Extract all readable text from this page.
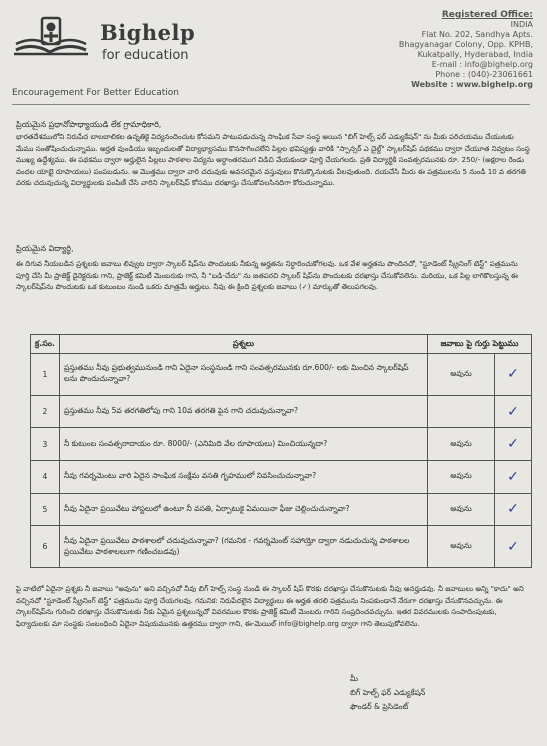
Bighelp
for education
Encouragement For Better Education
Registered Office:
INDIA
Flat No. 202, Sandhya Apts.
Bhagyanagar Colony, Opp. KPHB,
Kukatpally, Hyderabad, India
E-mail : info@bighelp.org
Phone : (040)-23061661
Website : www.bighelp.org
ప్రియమైన ప్రధానోపాధ్యాయుడి లేక గ్రామాధికారి,
భారతదేశములోని నిరుపేద బాలబాలికల ఉన్నతికై విద్యనందించుట కోసమని పాటుపడుచున్న సాంఘిక సేవా సంస్థ అయిన "బిగ్ హెల్ప్ ఫర్ ఎడ్యుకేషన్" ను మీకు పరిచయము చేయుటకు మేము సంతోషించుచున్నాము. అర్హత వుండియు ఇబ్బందులతో విద్యాభ్యాసము కొనసాగించలేని పిల్లల భవిష్యత్తు వారికి "స్పాన్సర్ ఎ చైల్డ్" స్కాలర్‌షిప్ పథకము ద్వారా చేయూత నివ్వటం సంస్థ ముఖ్య ఉద్దేశ్యము. ఈ పథకము ద్వారా అర్హులైన పిల్లలు పాఠశాల విద్యను అర్ధాంతరముగ విడిచి వేయకుండా పూర్తి చేయగలరు. ప్రతి విద్యార్థికి సంవత్సరమునకు రూ. 250/- (అక్షరాల రెండు వందల యాభై రూపాయలు) పంపబడును. ఆ మొత్తము ద్వారా వారి చదువుకు అవసరమైన వస్తువులు కొనుక్కొనుటకు వీలవుతుంది. దయచేసి మీరు ఈ పత్రములను 5 నుండి 10 వ తరగతి వరకు చదువుచున్న విద్యార్థులకు పంపిణీ చేసి వారిని స్కాలర్‌షిప్ కోసము దరఖాస్తు చేసుకోవలసినదిగా కోరుచున్నాము.
ప్రియమైన విద్యార్థి,
ఈ దిగువ నీయబడిన ప్రశ్నలకు జవాబు లివ్వుట ద్వారా స్కాలర్ షిప్‌ను పొందుటకు నీకున్న అర్హతను నిర్ధారించుకోగలవు. ఒక వేళ అర్హతను పొందినచో, "స్టూడెంట్ స్క్రీనింగ్ టెస్ట్" పత్రమును పూర్తి చేసి మీ ప్రాజెక్ట్ డైరెక్టరుకు గాని, ప్రాజెక్ట్ కమిటీ మెంబరుకు గాని, నీ "బడి-చేదు" ను జతపరచి స్కాలర్ షిప్‌ను పొందుటకు దరఖాస్తు చేసుకోవలెను. మరియు, ఒక పిల్ల లాగికొలస్తున్న ఈ స్కాలర్‌షిప్‌ను పొందుటకు ఒక కుటుంబం నుండి ఒకరు మాత్రమే అర్హులు. నీవు ఈ క్రింది ప్రశ్నలకు జవాబు (✓) మార్కుతో తెలుపగలవు.
క్ర.సం.	ప్రశ్నలు	జవాబు పై గుర్తు పెట్టుము	
1	ప్రస్తుతము నీవు ప్రభుత్వమునుండి గాని ఏదైనా సంస్థనుండి గాని సంవత్సరమునకు రూ.600/- లకు మించిన స్కాలర్‌షిప్ లను పొందుచున్నావా?	అవును	✓
2	ప్రస్తుతము నీవు 5వ తరగతిలోపు గాని 10వ తరగతి పైన గాని చదువుచున్నావా?		✓
3	నీ కుటుంబ సంవత్సరాదాయం రూ. 8000/- (ఎనిమిది వేల రూపాయలు) మించియున్నదా?	అవును	✓
4	నీవు గవర్నమెంటు వారి ఏదైన సాంఘిక సంక్షేమ వసతి గృహములో నివసించుచున్నావా?	అవును	✓
5	నీవు ఏదైనా ప్రయివేటు హాస్టలులో ఉంటూ నీ వసతి, ఏర్పాటుకై ఏమయినా ఫీజు చెల్లించుచున్నావా?	అవును	✓
6	నీవు ఏదైనా ప్రయివేటు పాఠశాలలో చదువుచున్నావా? (గమనిక - గవర్నమెంట్ సహాయ్తో ద్వారా నడుచుచున్న పాఠశాలల ప్రయివేటు పాఠశాలలుగా గణించబడవు)	అవును	✓
పై వాటిలో ఏదైనా ప్రశ్నకు నీ జవాబు "అవును" అని వచ్చినచో నీవు బిగ్ హెల్ప్ సంస్థ నుండి ఈ స్కాలర్ షిప్ కొరకు దరఖాస్తు చేసుకొనుటకు నీవు అనర్హుడవు. నీ జవాబులు అన్ని "కాదు" అని వచ్చినచో "స్టూడెంట్ స్క్రీనింగ్ టెస్ట్" పత్రమును పూర్తి చేయగలవు. గమనిక: నిరుపేదలైన విద్యార్థులు ఈ అర్హత తరలి పత్రమును నింపకుండానే నేరుగా దరఖాస్తు చేసుకొనవచ్చును. ఈ స్కాలర్‌షిప్‌ను గురించి దరఖాస్తు చేసుకొనుటకు నీకు ఏమైన ప్రశ్నలున్నచో వివరముల కొరకు ప్రాజెక్ట్ కమిటీ మెంబరు గారిని సంప్రదించవచ్చును. ఇతర వివరములకు సంపాదింపుటకు, ఫిర్యాదులకు మా సంస్థకు సంబంధించి ఏదైనా విషయమునకు ఉత్తరము ద్వారా గాని, ఈ-మెయిల్ info@bighelp.org ద్వారా గాని తెలుపుకోవలెను.
మీ
బిగ్ హెల్ప్ ఫర్ ఎడ్యుకేషన్
ఫౌండర్ & ప్రెసిడెంట్
